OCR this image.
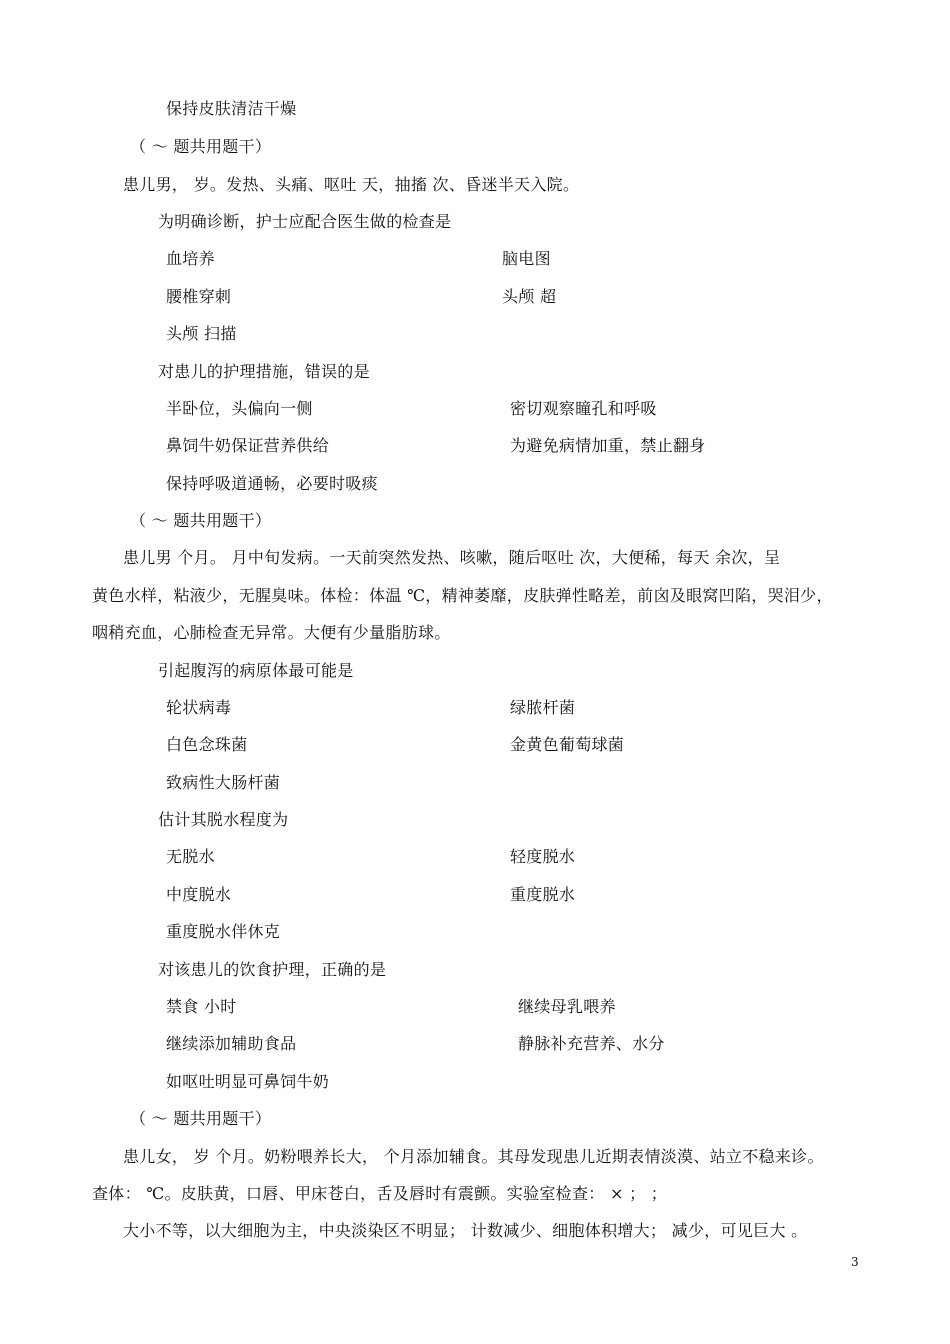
保持皮肤清洁干燥
（ ～ 题共用题干）
患儿男， 岁。发热、头痛、呕吐 天，抽搐 次、昏迷半天入院。
为明确诊断，护士应配合医生做的检查是
血培养	脑电图
腰椎穿刺	头颅 超
头颅 扫描
对患儿的护理措施，错误的是
半卧位，头偏向一侧	密切观察瞳孔和呼吸
鼻饲牛奶保证营养供给	为避免病情加重，禁止翻身
保持呼吸道通畅，必要时吸痰
（ ～ 题共用题干）
患儿男 个月。 月中旬发病。一天前突然发热、咳嗽，随后呕吐 次，大便稀，每天 余次，呈
黄色水样，粘液少，无腥臭味。体检：体温 ℃，精神萎靡，皮肤弹性略差，前囟及眼窝凹陷，哭泪少，
咽稍充血，心肺检查无异常。大便有少量脂肪球。
引起腹泻的病原体最可能是
轮状病毒	绿脓杆菌
白色念珠菌	金黄色葡萄球菌
致病性大肠杆菌
估计其脱水程度为
无脱水	轻度脱水
中度脱水	重度脱水
重度脱水伴休克
对该患儿的饮食护理，正确的是
禁食 小时	继续母乳喂养
继续添加辅助食品	静脉补充营养、水分
如呕吐明显可鼻饲牛奶
（ ～ 题共用题干）
患儿女， 岁 个月。奶粉喂养长大， 个月添加辅食。其母发现患儿近期表情淡漠、站立不稳来诊。
查体： ℃。皮肤黄，口唇、甲床苍白，舌及唇时有震颤。实验室检查： × ； ；
大小不等，以大细胞为主，中央淡染区不明显； 计数减少、细胞体积增大； 减少，可见巨大 。
3
